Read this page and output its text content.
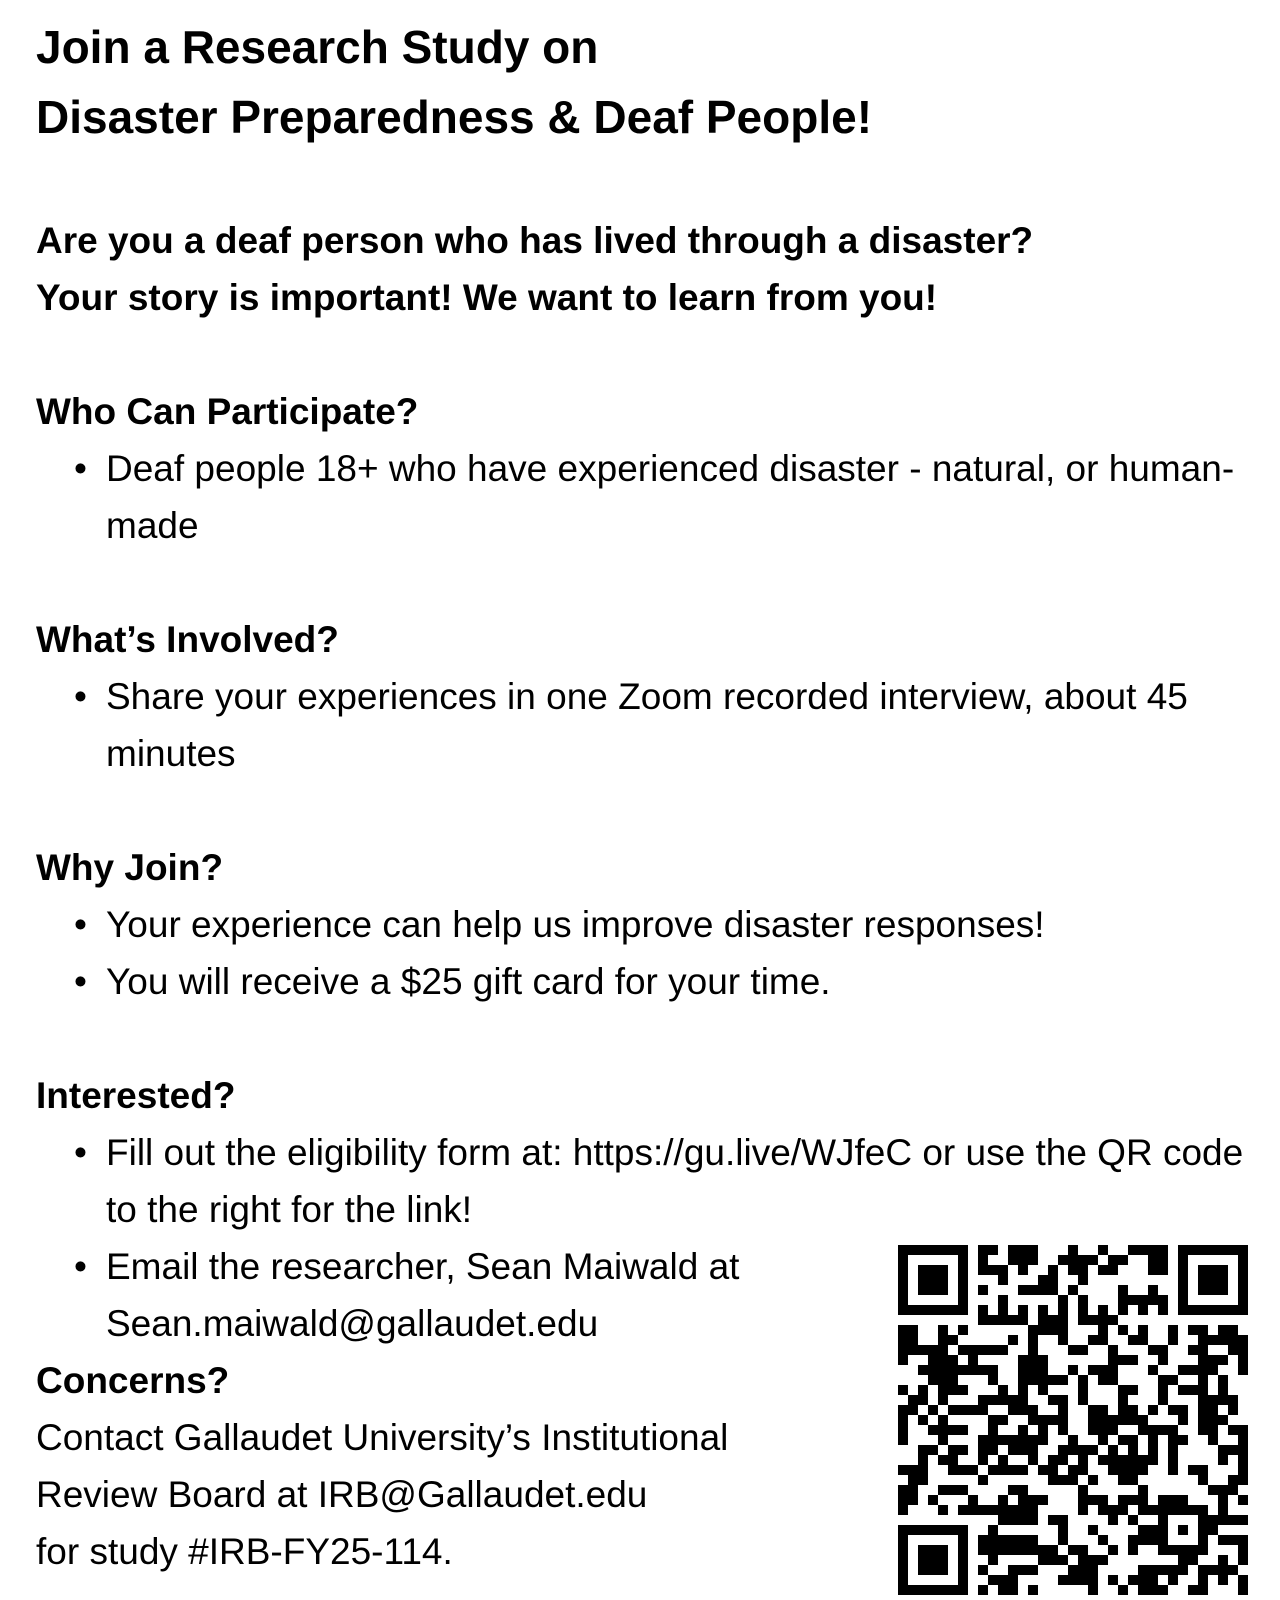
Join a Research Study on
Disaster Preparedness & Deaf People!
Are you a deaf person who has lived through a disaster?
Your story is important! We want to learn from you!
Who Can Participate?
• Deaf people 18+ who have experienced disaster - natural, or human-made
What’s Involved?
• Share your experiences in one Zoom recorded interview, about 45 minutes
Why Join?
• Your experience can help us improve disaster responses!
• You will receive a $25 gift card for your time.
Interested?
• Fill out the eligibility form at: https://gu.live/WJfeC or use the QR code to the right for the link!
• Email the researcher, Sean Maiwald at Sean.maiwald@gallaudet.edu
Concerns?
Contact Gallaudet University’s Institutional
Review Board at IRB@Gallaudet.edu
for study #IRB-FY25-114.
